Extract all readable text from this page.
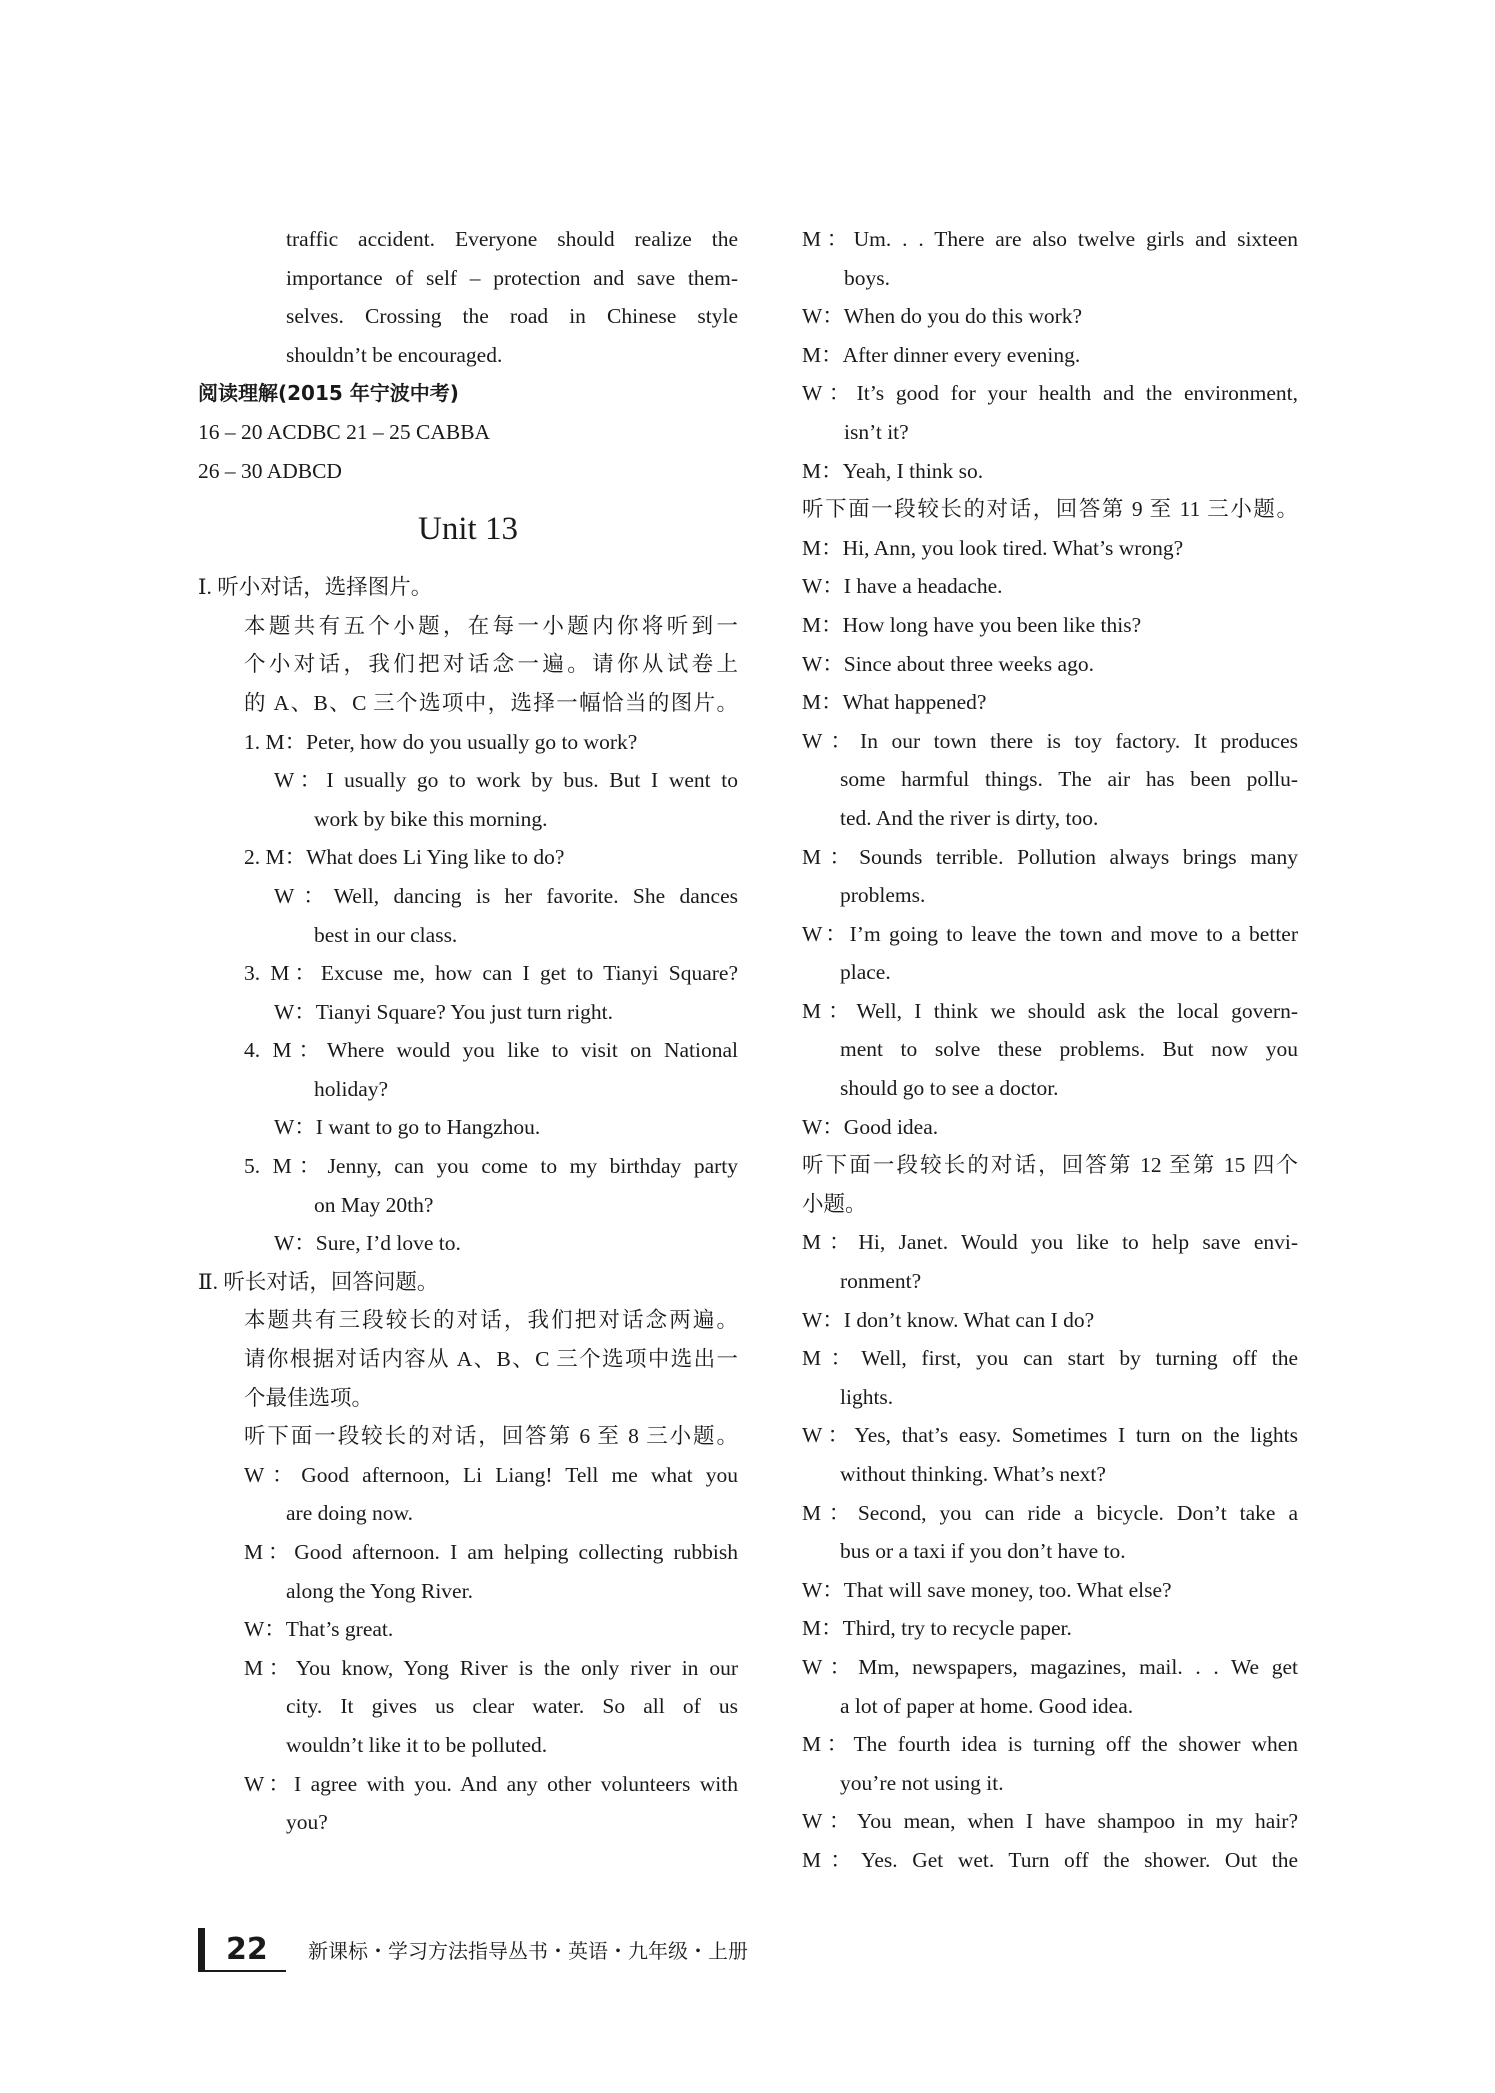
traffic accident. Everyone should realize the
importance of self – protection and save them-
selves. Crossing the road in Chinese style
shouldn’t be encouraged.
阅读理解(2015 年宁波中考)
16 – 20 ACDBC 21 – 25 CABBA
26 – 30 ADBCD
Unit 13
Ⅰ. 听小对话，选择图片。
本题共有五个小题，在每一小题内你将听到一
个小对话，我们把对话念一遍。请你从试卷上
的 A、B、C 三个选项中，选择一幅恰当的图片。
1. M：Peter, how do you usually go to work?
W：I usually go to work by bus. But I went to
work by bike this morning.
2. M：What does Li Ying like to do?
W：Well, dancing is her favorite. She dances
best in our class.
3. M：Excuse me, how can I get to Tianyi Square?
W：Tianyi Square? You just turn right.
4. M：Where would you like to visit on National
holiday?
W：I want to go to Hangzhou.
5. M：Jenny, can you come to my birthday party
on May 20th?
W：Sure, I’d love to.
Ⅱ. 听长对话，回答问题。
本题共有三段较长的对话，我们把对话念两遍。
请你根据对话内容从 A、B、C 三个选项中选出一
个最佳选项。
听下面一段较长的对话，回答第 6 至 8 三小题。
W：Good afternoon, Li Liang! Tell me what you
are doing now.
M：Good afternoon. I am helping collecting rubbish
along the Yong River.
W：That’s great.
M：You know, Yong River is the only river in our
city. It gives us clear water. So all of us
wouldn’t like it to be polluted.
W：I agree with you. And any other volunteers with
you?
M：Um. . . There are also twelve girls and sixteen
boys.
W：When do you do this work?
M：After dinner every evening.
W：It’s good for your health and the environment,
isn’t it?
M：Yeah, I think so.
听下面一段较长的对话，回答第 9 至 11 三小题。
M：Hi, Ann, you look tired. What’s wrong?
W：I have a headache.
M：How long have you been like this?
W：Since about three weeks ago.
M：What happened?
W：In our town there is toy factory. It produces
some harmful things. The air has been pollu-
ted. And the river is dirty, too.
M：Sounds terrible. Pollution always brings many
problems.
W：I’m going to leave the town and move to a better
place.
M：Well, I think we should ask the local govern-
ment to solve these problems. But now you
should go to see a doctor.
W：Good idea.
听下面一段较长的对话，回答第 12 至第 15 四个
小题。
M：Hi, Janet. Would you like to help save envi-
ronment?
W：I don’t know. What can I do?
M：Well, first, you can start by turning off the
lights.
W：Yes, that’s easy. Sometimes I turn on the lights
without thinking. What’s next?
M：Second, you can ride a bicycle. Don’t take a
bus or a taxi if you don’t have to.
W：That will save money, too. What else?
M：Third, try to recycle paper.
W：Mm, newspapers, magazines, mail. . . We get
a lot of paper at home. Good idea.
M：The fourth idea is turning off the shower when
you’re not using it.
W：You mean, when I have shampoo in my hair?
M：Yes. Get wet. Turn off the shower. Out the
22 新课标・学习方法指导丛书・英语・九年级・上册
